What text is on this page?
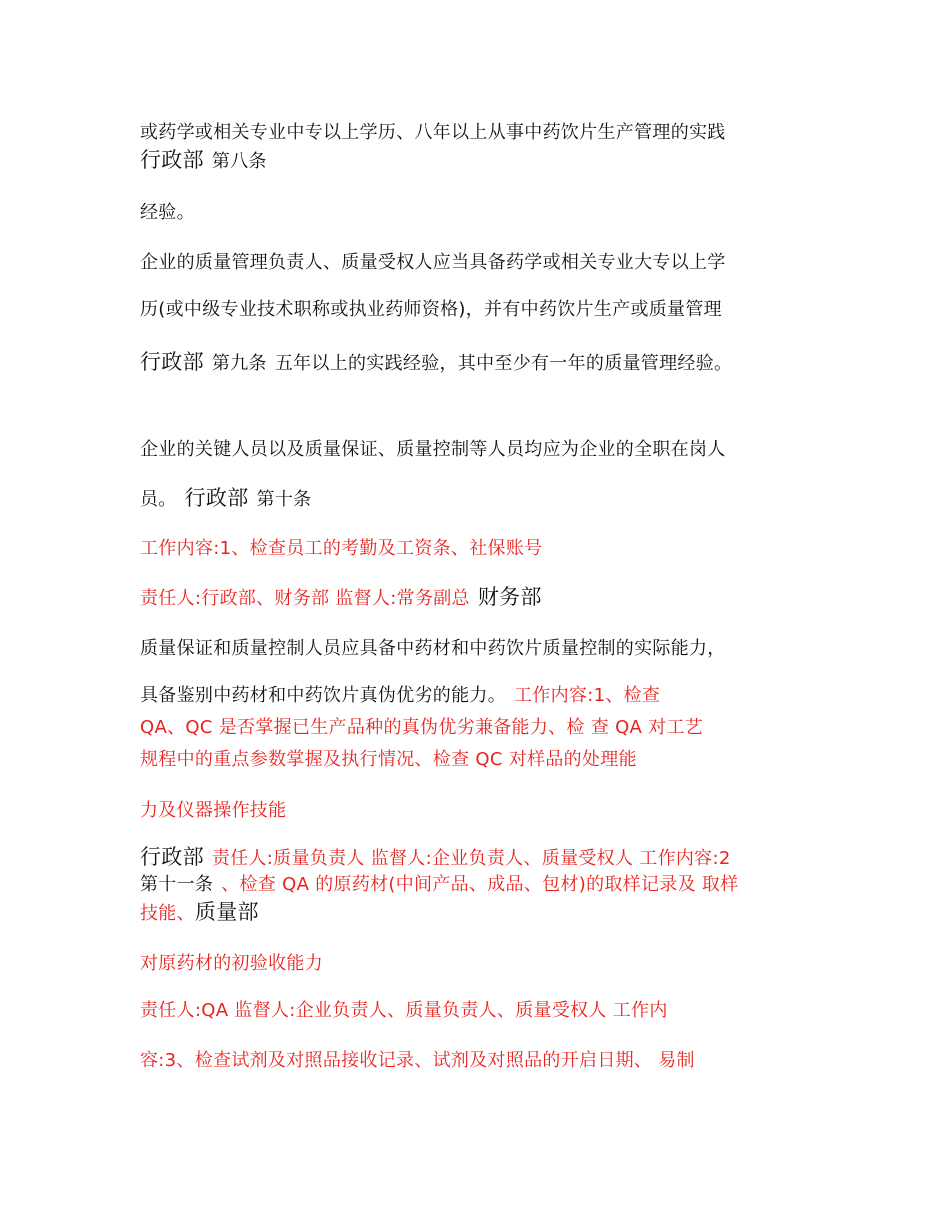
或药学或相关专业中专以上学历、八年以上从事中药饮片生产管理的实践
行政部 第八条
经验。
企业的质量管理负责人、质量受权人应当具备药学或相关专业大专以上学
历(或中级专业技术职称或执业药师资格)，并有中药饮片生产或质量管理
行政部 第九条 五年以上的实践经验，其中至少有一年的质量管理经验。
企业的关键人员以及质量保证、质量控制等人员均应为企业的全职在岗人
员。 行政部 第十条
工作内容:1、检查员工的考勤及工资条、社保账号
责任人:行政部、财务部 监督人:常务副总 财务部
质量保证和质量控制人员应具备中药材和中药饮片质量控制的实际能力，
具备鉴别中药材和中药饮片真伪优劣的能力。 工作内容:1、检查
QA、QC 是否掌握已生产品种的真伪优劣兼备能力、检 查 QA 对工艺
规程中的重点参数掌握及执行情况、检查 QC 对样品的处理能
力及仪器操作技能
行政部 责任人:质量负责人 监督人:企业负责人、质量受权人 工作内容:2
第十一条 、检查 QA 的原药材(中间产品、成品、包材)的取样记录及 取样
技能、质量部
对原药材的初验收能力
责任人:QA 监督人:企业负责人、质量负责人、质量受权人 工作内
容:3、检查试剂及对照品接收记录、试剂及对照品的开启日期、 易制
